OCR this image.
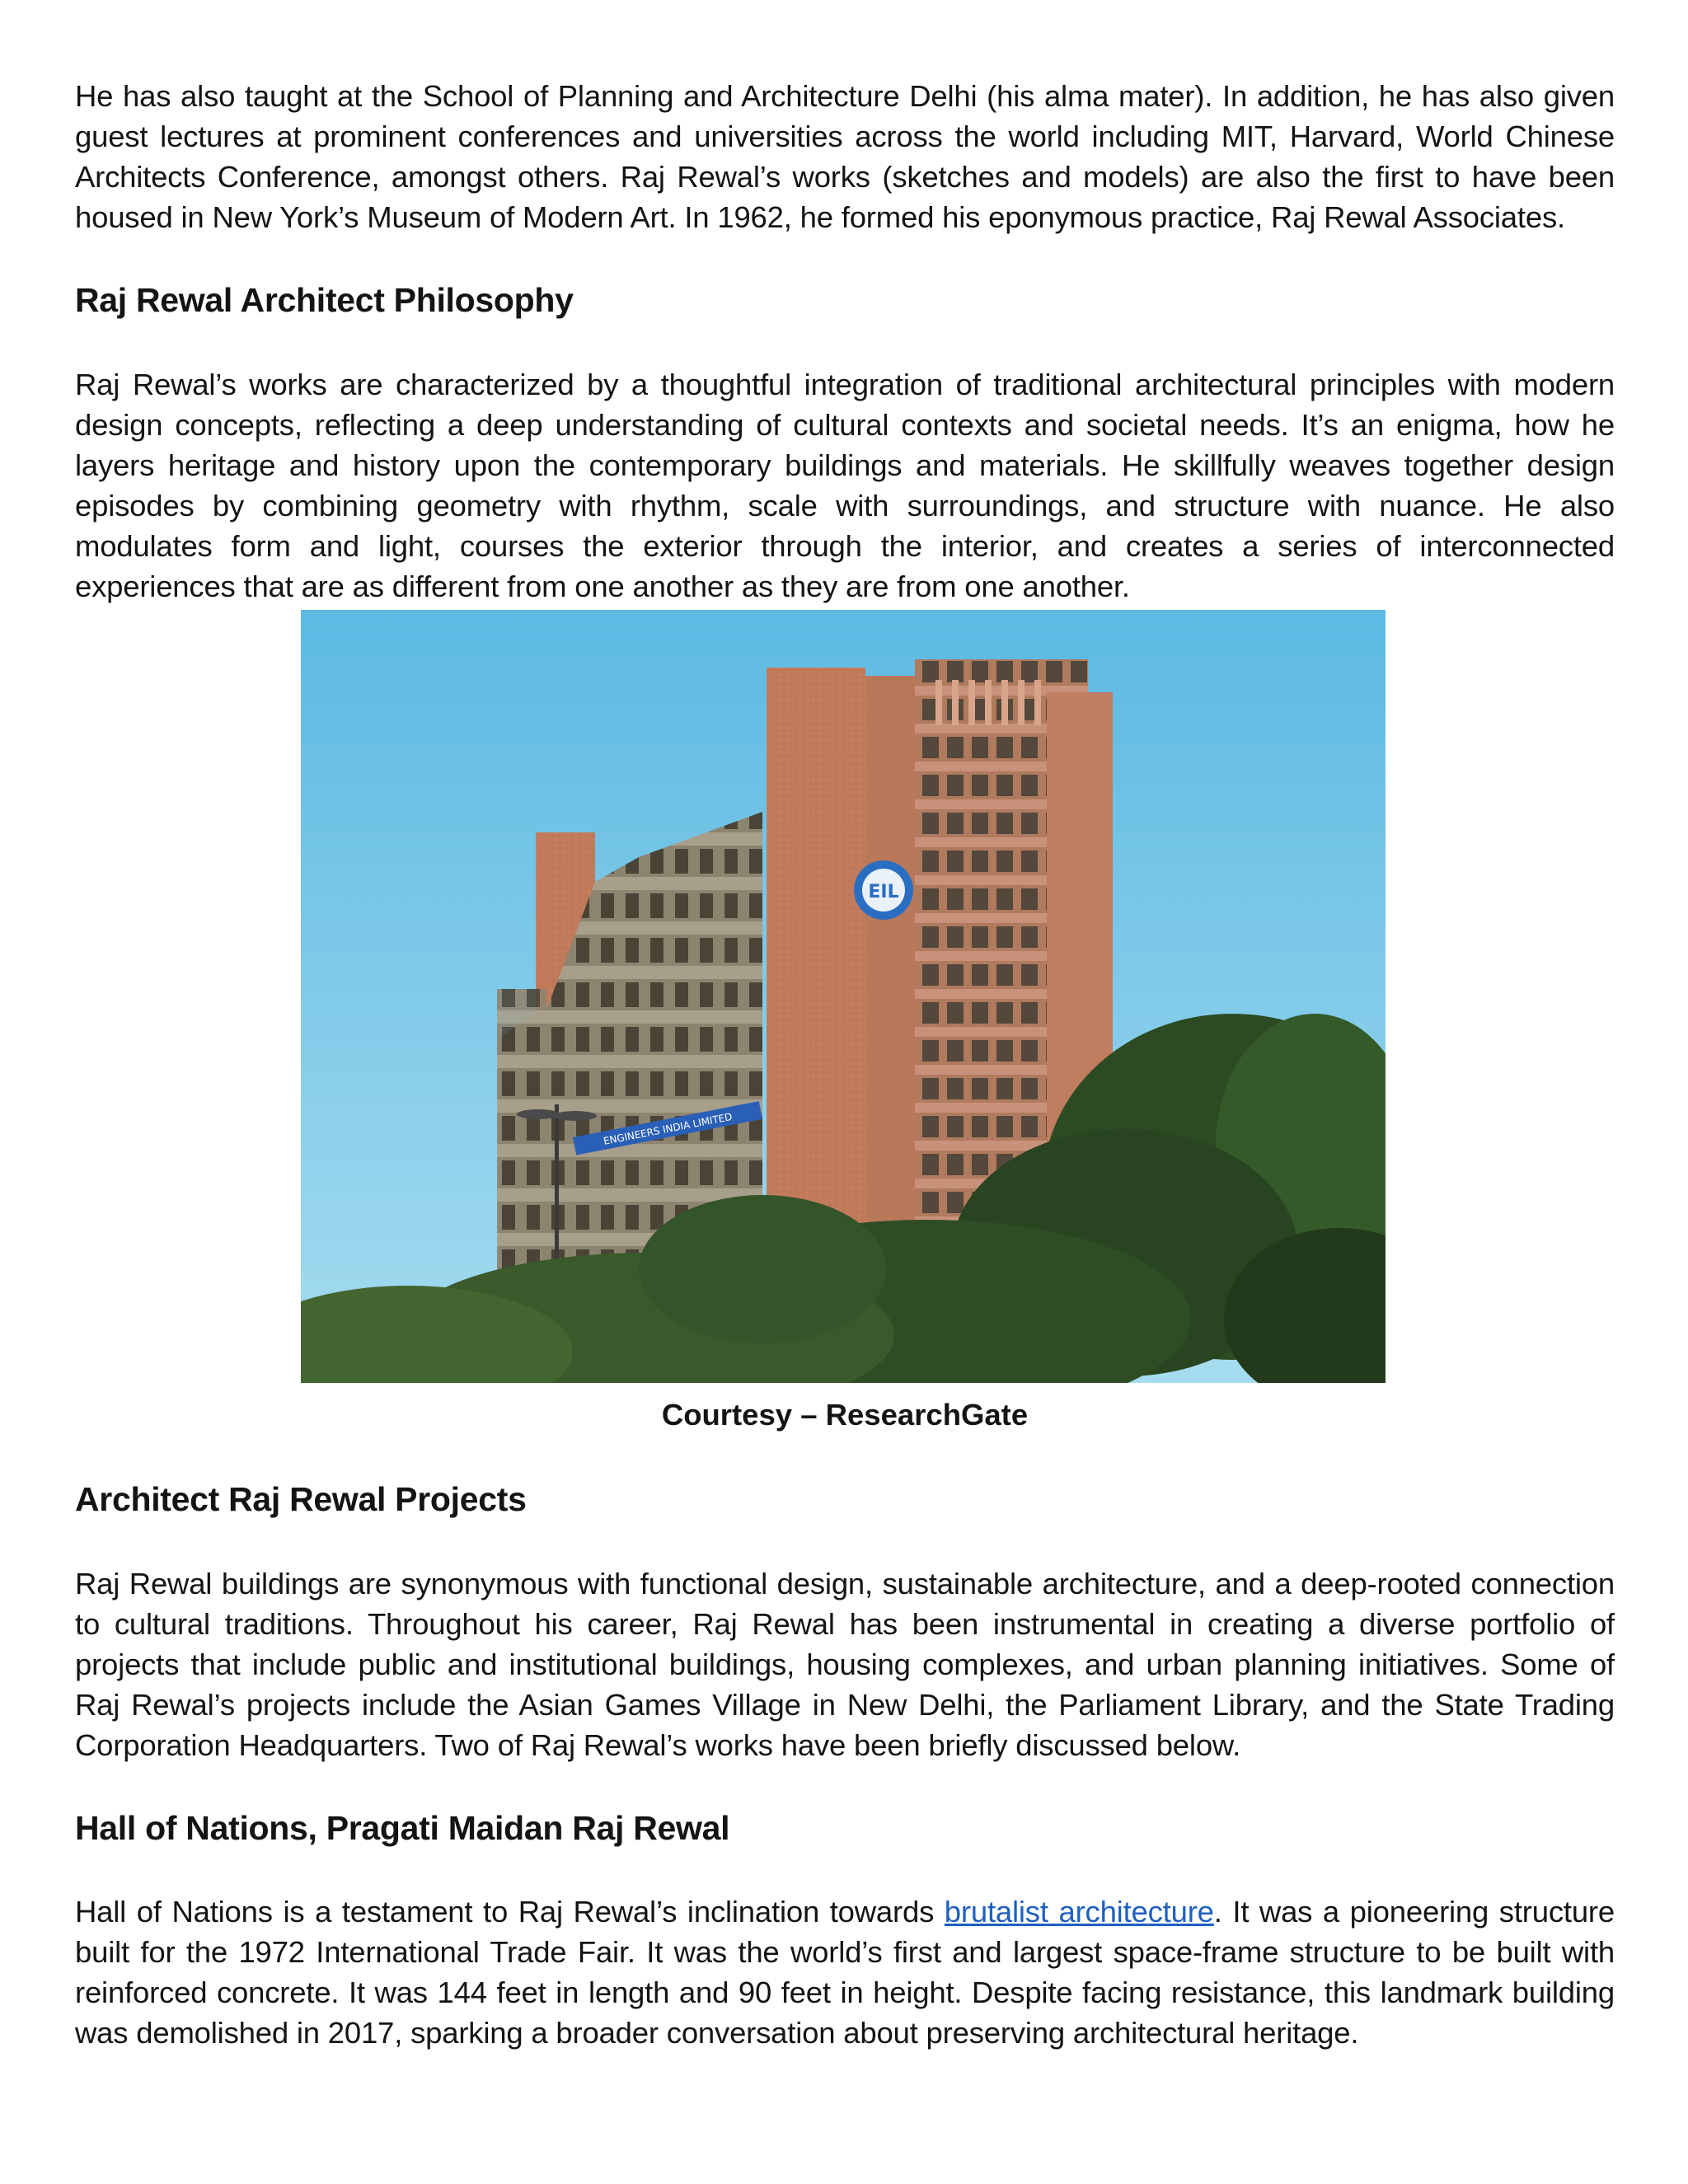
He has also taught at the School of Planning and Architecture Delhi (his alma mater). In addition, he has also given guest lectures at prominent conferences and universities across the world including MIT, Harvard, World Chinese Architects Conference, amongst others. Raj Rewal’s works (sketches and models) are also the first to have been housed in New York’s Museum of Modern Art. In 1962, he formed his eponymous practice, Raj Rewal Associates.

Raj Rewal Architect Philosophy

Raj Rewal’s works are characterized by a thoughtful integration of traditional architectural principles with modern design concepts, reflecting a deep understanding of cultural contexts and societal needs. It’s an enigma, how he layers heritage and history upon the contemporary buildings and materials. He skillfully weaves together design episodes by combining geometry with rhythm, scale with surroundings, and structure with nuance. He also modulates form and light, courses the exterior through the interior, and creates a series of interconnected experiences that are as different from one another as they are from one another.

EIL
ENGINEERS INDIA LIMITED
Courtesy – ResearchGate
Architect Raj Rewal Projects

Raj Rewal buildings are synonymous with functional design, sustainable architecture, and a deep-rooted connection to cultural traditions. Throughout his career, Raj Rewal has been instrumental in creating a diverse portfolio of projects that include public and institutional buildings, housing complexes, and urban planning initiatives. Some of Raj Rewal’s projects include the Asian Games Village in New Delhi, the Parliament Library, and the State Trading Corporation Headquarters. Two of Raj Rewal’s works have been briefly discussed below.

Hall of Nations, Pragati Maidan Raj Rewal

Hall of Nations is a testament to Raj Rewal’s inclination towards brutalist architecture. It was a pioneering structure built for the 1972 International Trade Fair. It was the world’s first and largest space-frame structure to be built with reinforced concrete. It was 144 feet in length and 90 feet in height. Despite facing resistance, this landmark building was demolished in 2017, sparking a broader conversation about preserving architectural heritage.
